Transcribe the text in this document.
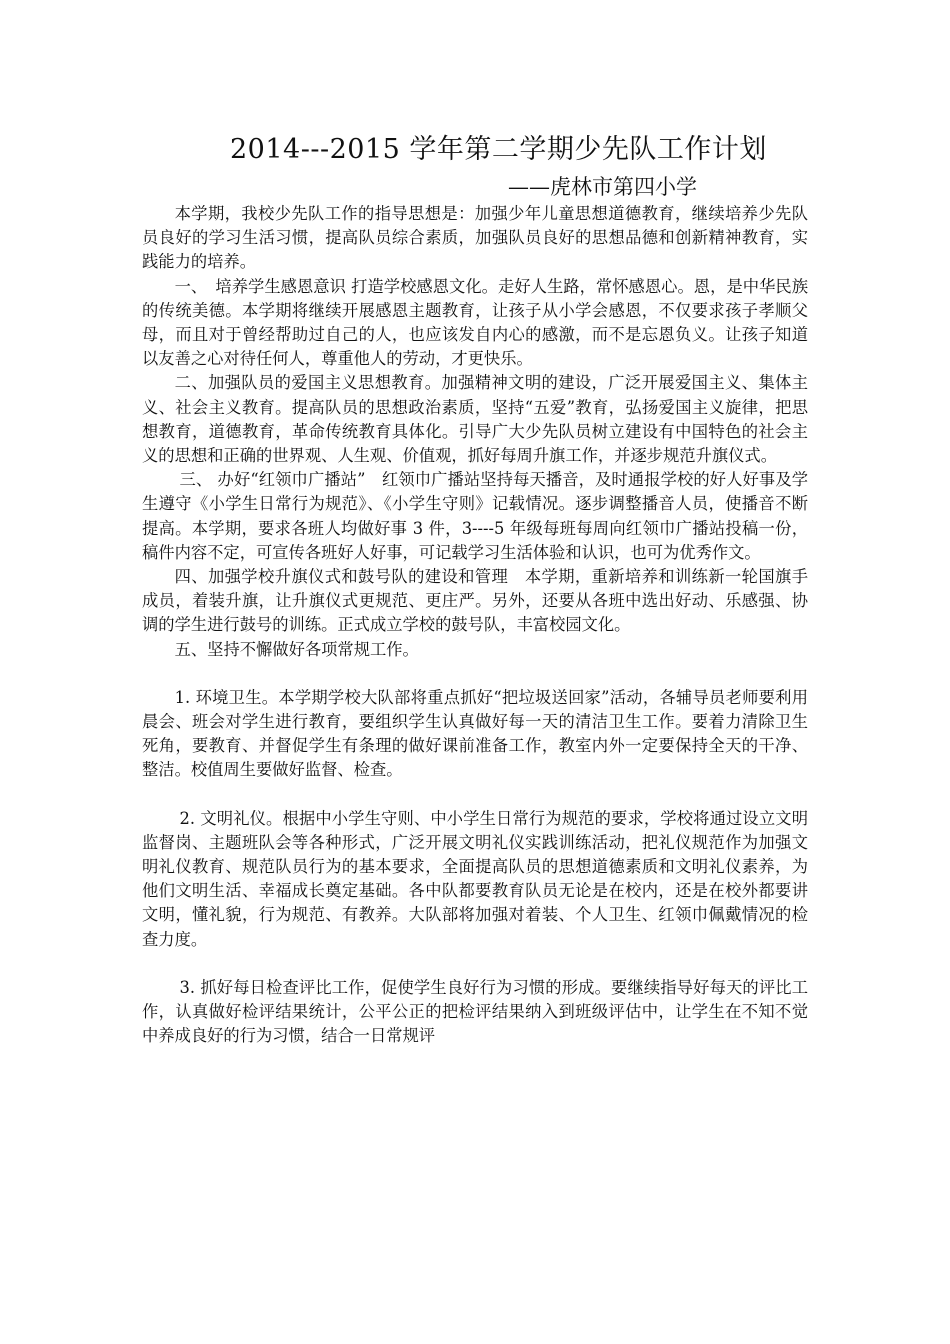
2014---2015 学年第二学期少先队工作计划
——虎林市第四小学

本学期，我校少先队工作的指导思想是：加强少年儿童思想道德教育，继续培养少先队员良好的学习生活习惯，提高队员综合素质，加强队员良好的思想品德和创新精神教育，实践能力的培养。

一、　培养学生感恩意识 打造学校感恩文化。走好人生路，常怀感恩心。恩，是中华民族的传统美德。本学期将继续开展感恩主题教育，让孩子从小学会感恩，不仅要求孩子孝顺父母，而且对于曾经帮助过自己的人，也应该发自内心的感激，而不是忘恩负义。让孩子知道以友善之心对待任何人，尊重他人的劳动，才更快乐。

二、加强队员的爱国主义思想教育。加强精神文明的建设，广泛开展爱国主义、集体主义、社会主义教育。提高队员的思想政治素质，坚持“五爱”教育，弘扬爱国主义旋律，把思想教育，道德教育，革命传统教育具体化。引导广大少先队员树立建设有中国特色的社会主义的思想和正确的世界观、人生观、价值观，抓好每周升旗工作，并逐步规范升旗仪式。

三、 办好“红领巾广播站”　红领巾广播站坚持每天播音，及时通报学校的好人好事及学生遵守《小学生日常行为规范》、《小学生守则》记载情况。逐步调整播音人员，使播音不断提高。本学期，要求各班人均做好事 3 件，3----5 年级每班每周向红领巾广播站投稿一份，稿件内容不定，可宣传各班好人好事，可记载学习生活体验和认识，也可为优秀作文。

四、加强学校升旗仪式和鼓号队的建设和管理　本学期，重新培养和训练新一轮国旗手成员，着装升旗，让升旗仪式更规范、更庄严。另外，还要从各班中选出好动、乐感强、协调的学生进行鼓号的训练。正式成立学校的鼓号队，丰富校园文化。

五、坚持不懈做好各项常规工作。

1. 环境卫生。本学期学校大队部将重点抓好“把垃圾送回家”活动，各辅导员老师要利用晨会、班会对学生进行教育，要组织学生认真做好每一天的清洁卫生工作。要着力清除卫生死角，要教育、并督促学生有条理的做好课前准备工作，教室内外一定要保持全天的干净、整洁。校值周生要做好监督、检查。

2. 文明礼仪。根据中小学生守则、中小学生日常行为规范的要求，学校将通过设立文明监督岗、主题班队会等各种形式，广泛开展文明礼仪实践训练活动，把礼仪规范作为加强文明礼仪教育、规范队员行为的基本要求，全面提高队员的思想道德素质和文明礼仪素养，为他们文明生活、幸福成长奠定基础。各中队都要教育队员无论是在校内，还是在校外都要讲文明，懂礼貌，行为规范、有教养。大队部将加强对着装、个人卫生、红领巾佩戴情况的检查力度。

3. 抓好每日检查评比工作，促使学生良好行为习惯的形成。要继续指导好每天的评比工作，认真做好检评结果统计，公平公正的把检评结果纳入到班级评估中，让学生在不知不觉中养成良好的行为习惯，结合一日常规评
